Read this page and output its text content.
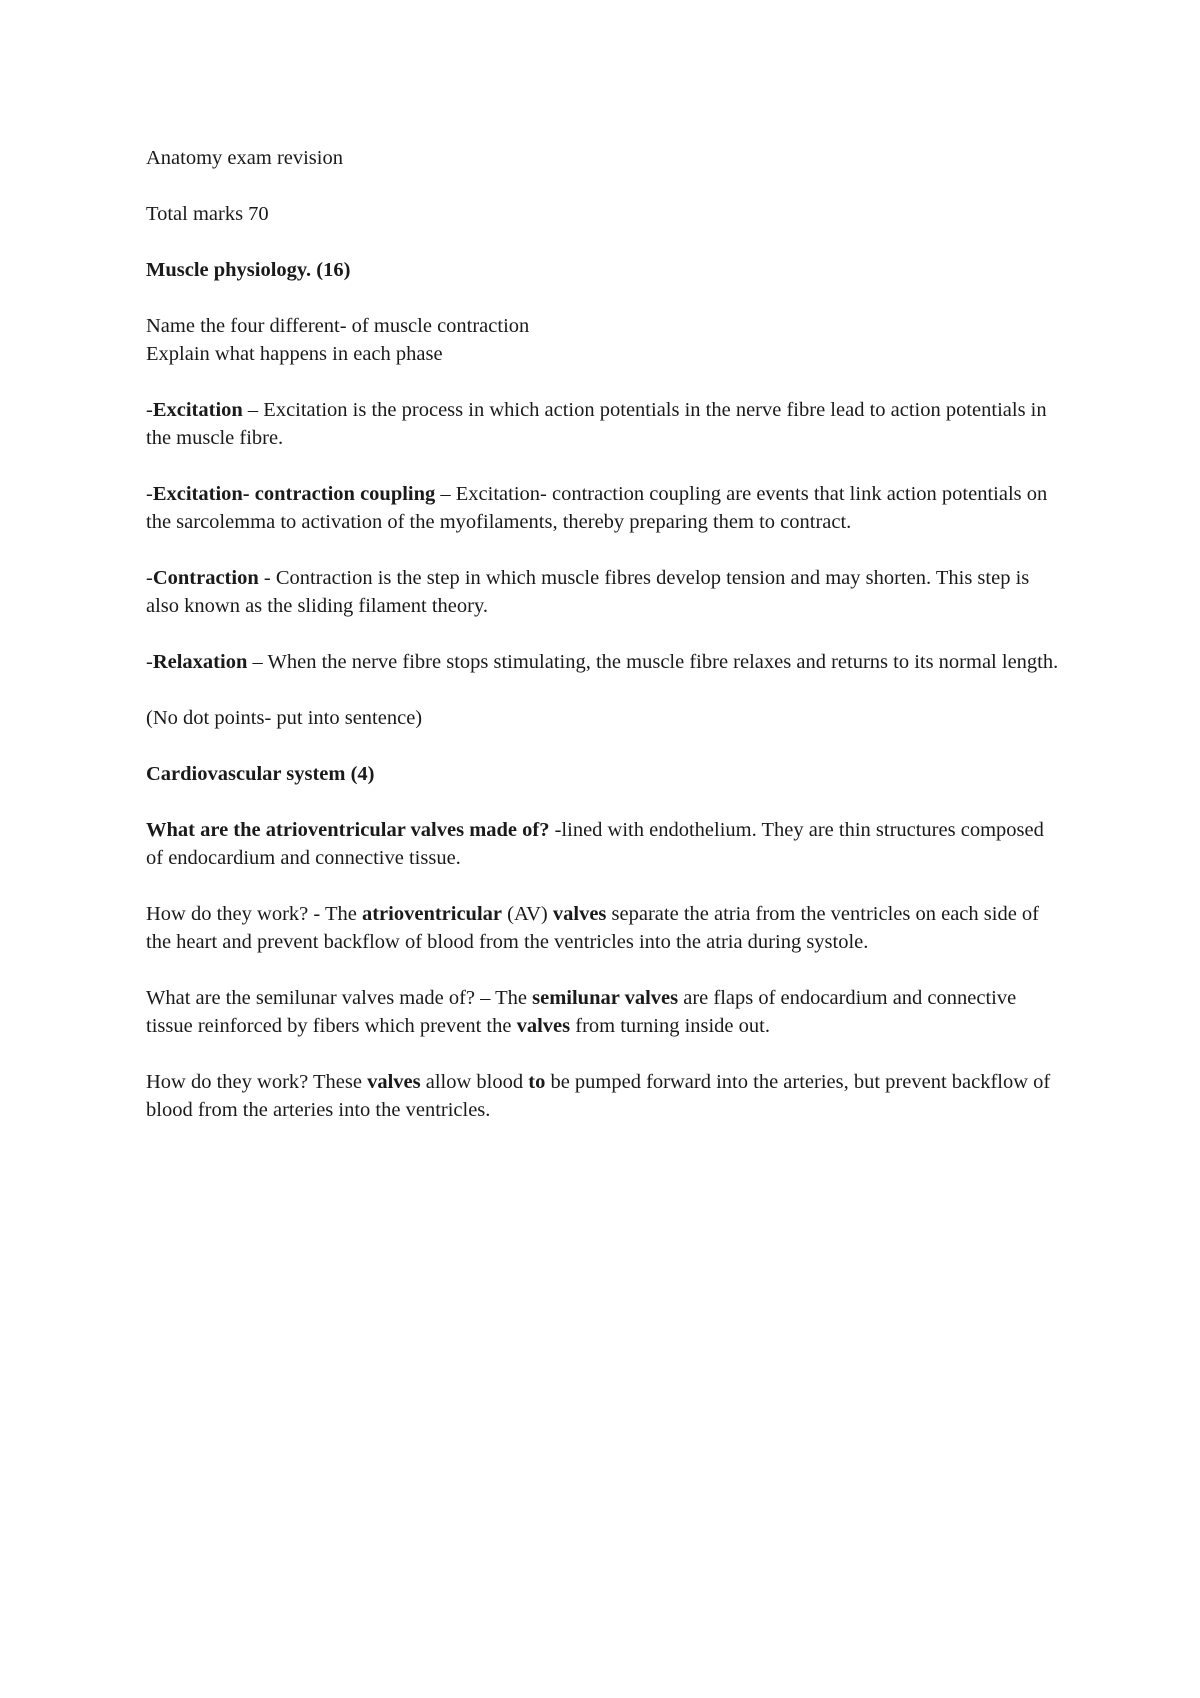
Anatomy exam revision

Total marks 70

Muscle physiology. (16)

Name the four different- of muscle contraction
Explain what happens in each phase

-Excitation – Excitation is the process in which action potentials in the nerve fibre lead to action potentials in the muscle fibre.

-Excitation- contraction coupling – Excitation- contraction coupling are events that link action potentials on the sarcolemma to activation of the myofilaments, thereby preparing them to contract.

-Contraction - Contraction is the step in which muscle fibres develop tension and may shorten. This step is also known as the sliding filament theory.

-Relaxation – When the nerve fibre stops stimulating, the muscle fibre relaxes and returns to its normal length.

(No dot points- put into sentence)

Cardiovascular system (4)

What are the atrioventricular valves made of? -lined with endothelium. They are thin structures composed of endocardium and connective tissue.

How do they work? - The atrioventricular (AV) valves separate the atria from the ventricles on each side of the heart and prevent backflow of blood from the ventricles into the atria during systole.

What are the semilunar valves made of? – The semilunar valves are flaps of endocardium and connective tissue reinforced by fibers which prevent the valves from turning inside out.

How do they work? These valves allow blood to be pumped forward into the arteries, but prevent backflow of blood from the arteries into the ventricles.
